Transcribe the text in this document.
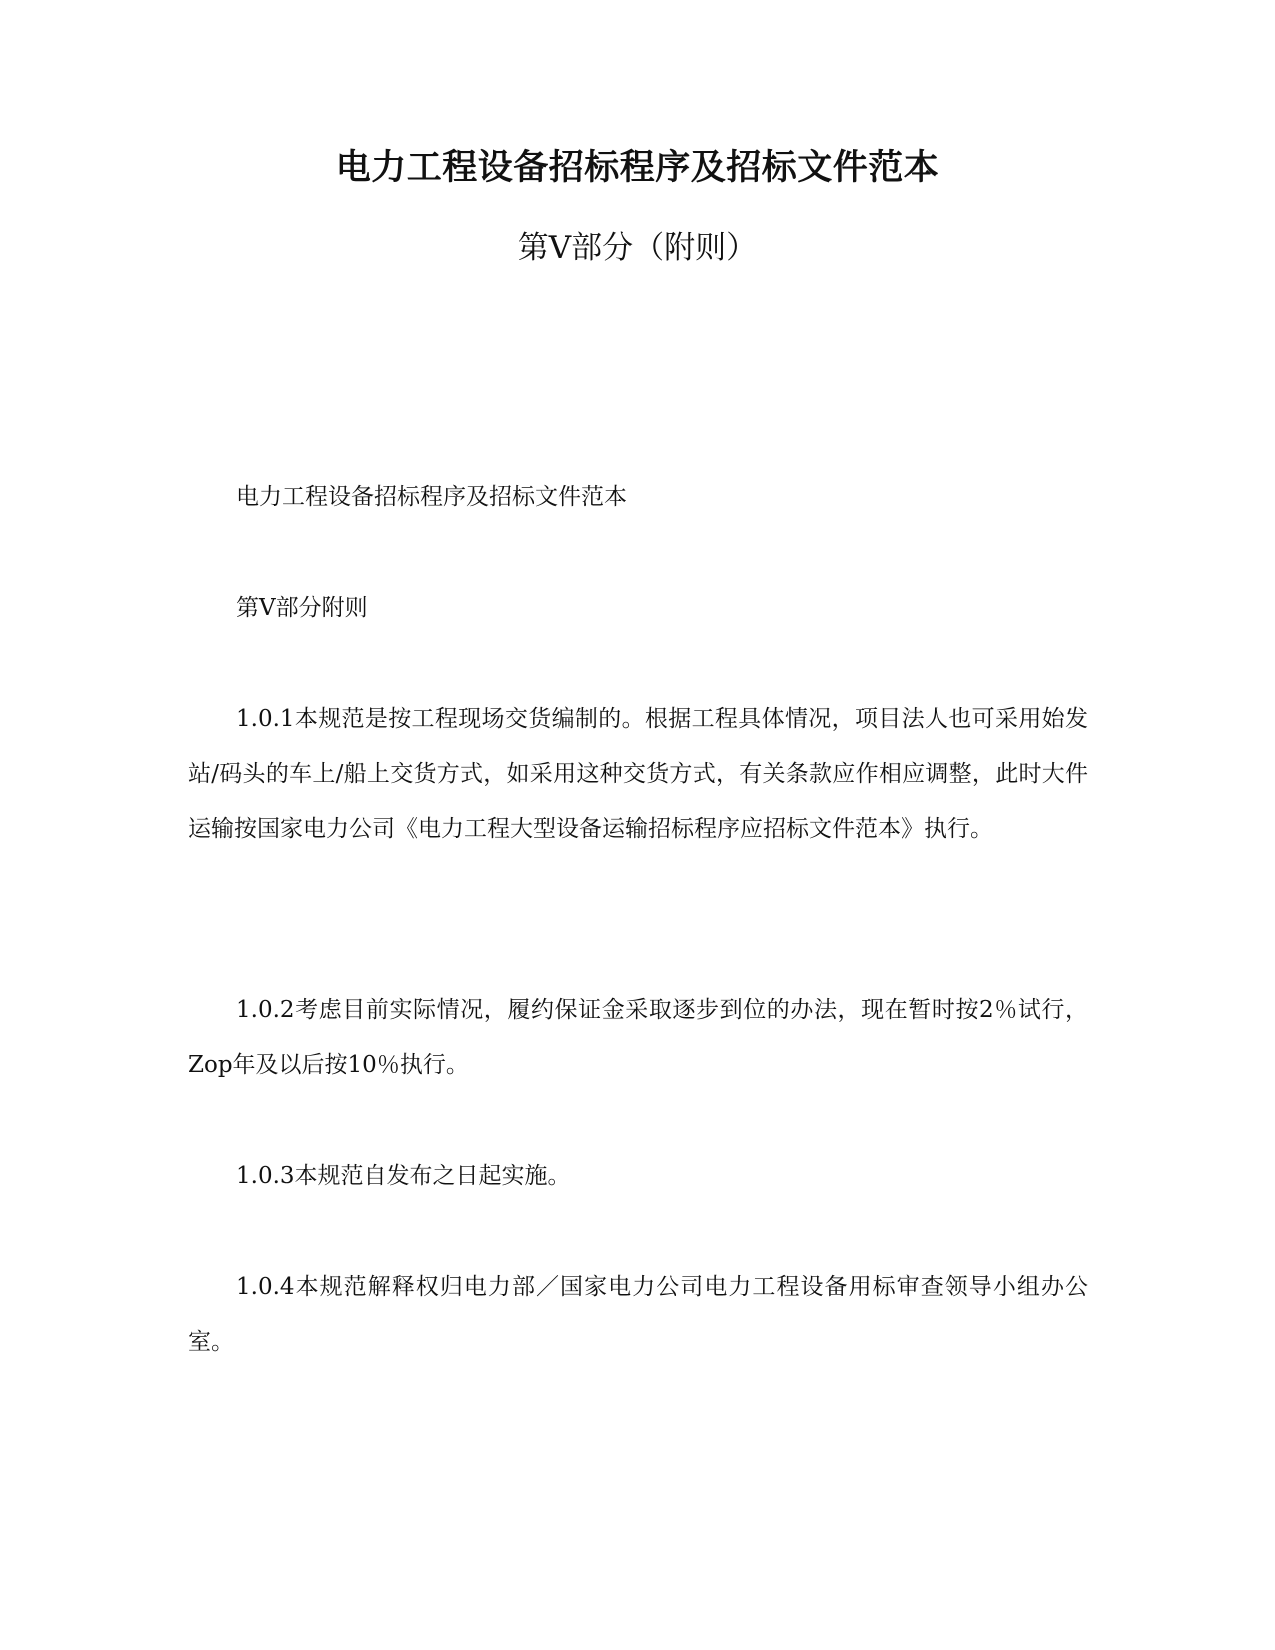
电力工程设备招标程序及招标文件范本
第Ⅴ部分（附则）

电力工程设备招标程序及招标文件范本

第Ⅴ部分附则

1.0.1本规范是按工程现场交货编制的。根据工程具体情况，项目法人也可采用始发站/码头的车上/船上交货方式，如采用这种交货方式，有关条款应作相应调整，此时大件运输按国家电力公司《电力工程大型设备运输招标程序应招标文件范本》执行。

1.0.2考虑目前实际情况，履约保证金采取逐步到位的办法，现在暂时按2％试行，Zop年及以后按10％执行。

1.0.3本规范自发布之日起实施。

1.0.4本规范解释权归电力部／国家电力公司电力工程设备用标审查领导小组办公室。
